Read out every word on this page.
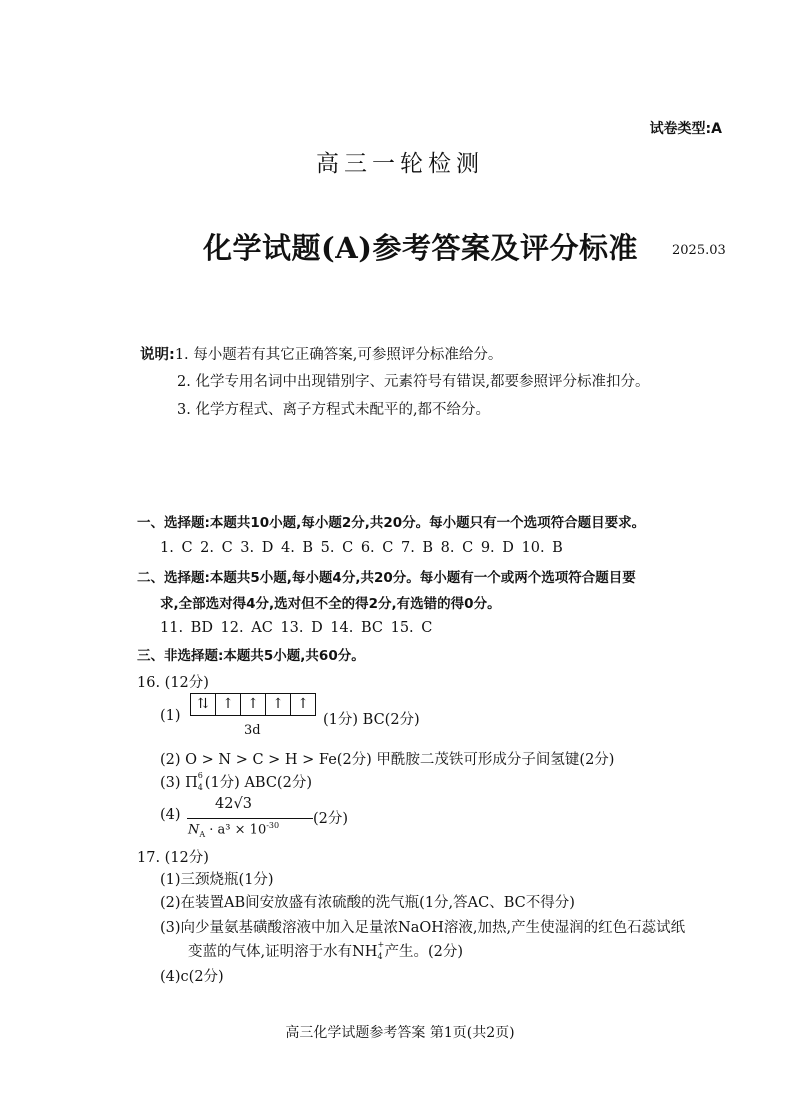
试卷类型:A
高三一轮检测
化学试题(A)参考答案及评分标准	2025.03
说明:1. 每小题若有其它正确答案,可参照评分标准给分。
2. 化学专用名词中出现错别字、元素符号有错误,都要参照评分标准扣分。
3. 化学方程式、离子方程式未配平的,都不给分。
一、选择题:本题共10小题,每小题2分,共20分。每小题只有一个选项符合题目要求。
1. C 2. C 3. D 4. B 5. C 6. C 7. B 8. C 9. D 10. B
二、选择题:本题共5小题,每小题4分,共20分。每小题有一个或两个选项符合题目要
求,全部选对得4分,选对但不全的得2分,有选错的得0分。
11. BD 12. AC 13. D 14. BC 15. C
三、非选择题:本题共5小题,共60分。
16. (12分)
(1)
⇅ ↑ ↑ ↑ ↑
3d
(1分) BC(2分)
(2) O > N > C > H > Fe(2分) 甲酰胺二茂铁可形成分子间氢键(2分)
(3) Π 6
4 (1分) ABC(2分)
(4)
42√3
$N_A \cdot a^3 \times 10^{-30}$ (2分)
17. (12分)
(1)三颈烧瓶(1分)
(2)在装置AB间安放盛有浓硫酸的洗气瓶(1分,答AC、BC不得分)
(3)向少量氨基磺酸溶液中加入足量浓NaOH溶液,加热,产生使湿润的红色石蕊试纸
变蓝的气体,证明溶于水有NH +
4 产生。(2分)
(4)c(2分)
高三化学试题参考答案 第1页(共2页)
